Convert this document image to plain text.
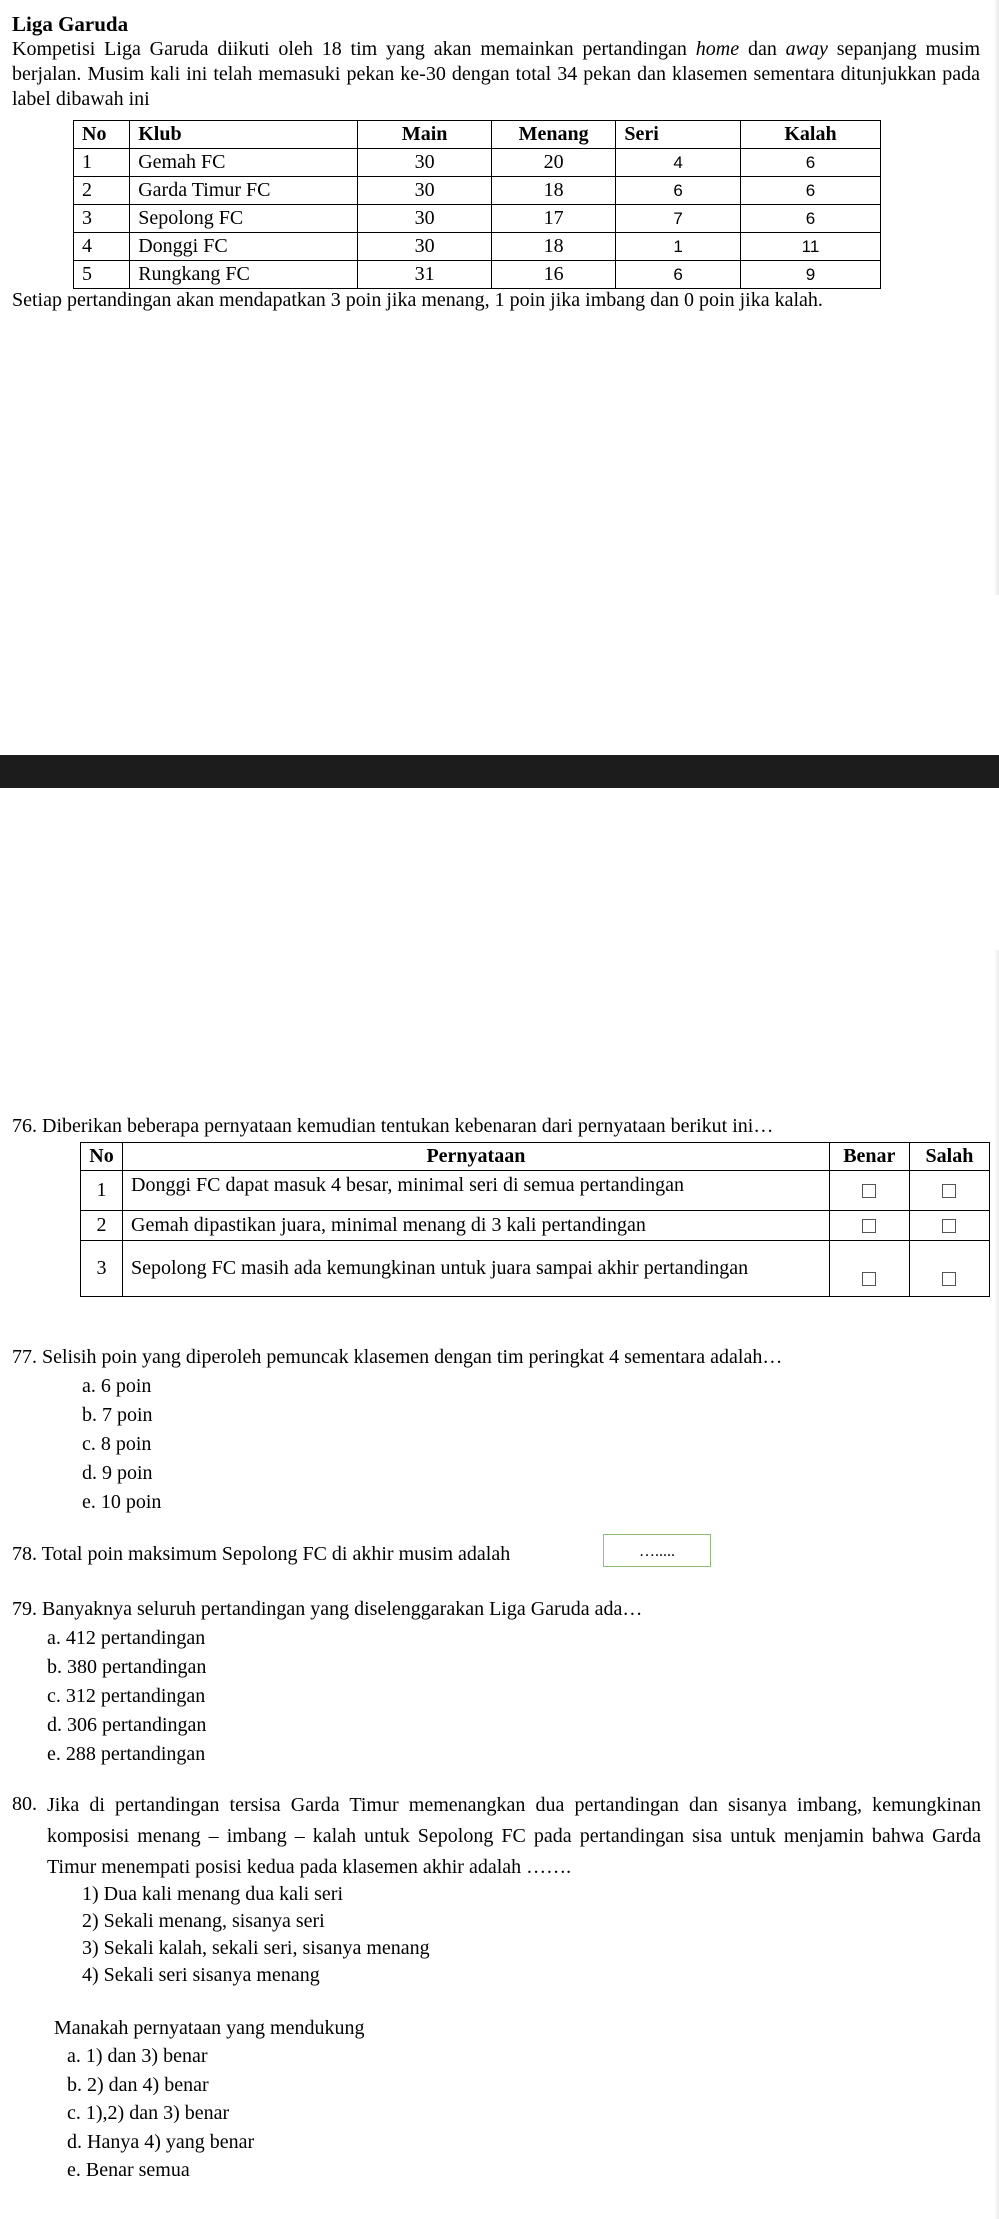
Liga Garuda
Kompetisi Liga Garuda diikuti oleh 18 tim yang akan memainkan pertandingan home dan away sepanjang musim berjalan. Musim kali ini telah memasuki pekan ke-30 dengan total 34 pekan dan klasemen sementara ditunjukkan pada label dibawah ini
No	Klub	Main	Menang	Seri	Kalah
1	Gemah FC	30	20	4	6
2	Garda Timur FC	30	18	6	6
3	Sepolong FC	30	17	7	6
4	Donggi FC	30	18	1	11
5	Rungkang FC	31	16	6	9
Setiap pertandingan akan mendapatkan 3 poin jika menang, 1 poin jika imbang dan 0 poin jika kalah.
76. Diberikan beberapa pernyataan kemudian tentukan kebenaran dari pernyataan berikut ini…
No	Pernyataan	Benar	Salah
1	Donggi FC dapat masuk 4 besar, minimal seri di semua pertandingan		
2	Gemah dipastikan juara, minimal menang di 3 kali pertandingan		
3	Sepolong FC masih ada kemungkinan untuk juara sampai akhir pertandingan		
77. Selisih poin yang diperoleh pemuncak klasemen dengan tim peringkat 4 sementara adalah…
a. 6 poin
b. 7 poin
c. 8 poin
d. 9 poin
e. 10 poin
78. Total poin maksimum Sepolong FC di akhir musim adalah	….....
79. Banyaknya seluruh pertandingan yang diselenggarakan Liga Garuda ada…
a. 412 pertandingan
b. 380 pertandingan
c. 312 pertandingan
d. 306 pertandingan
e. 288 pertandingan
80. Jika di pertandingan tersisa Garda Timur memenangkan dua pertandingan dan sisanya imbang, kemungkinan komposisi menang – imbang – kalah untuk Sepolong FC pada pertandingan sisa untuk menjamin bahwa Garda Timur menempati posisi kedua pada klasemen akhir adalah …….
1) Dua kali menang dua kali seri
2) Sekali menang, sisanya seri
3) Sekali kalah, sekali seri, sisanya menang
4) Sekali seri sisanya menang
Manakah pernyataan yang mendukung
a. 1) dan 3) benar
b. 2) dan 4) benar
c. 1),2) dan 3) benar
d. Hanya 4) yang benar
e. Benar semua
